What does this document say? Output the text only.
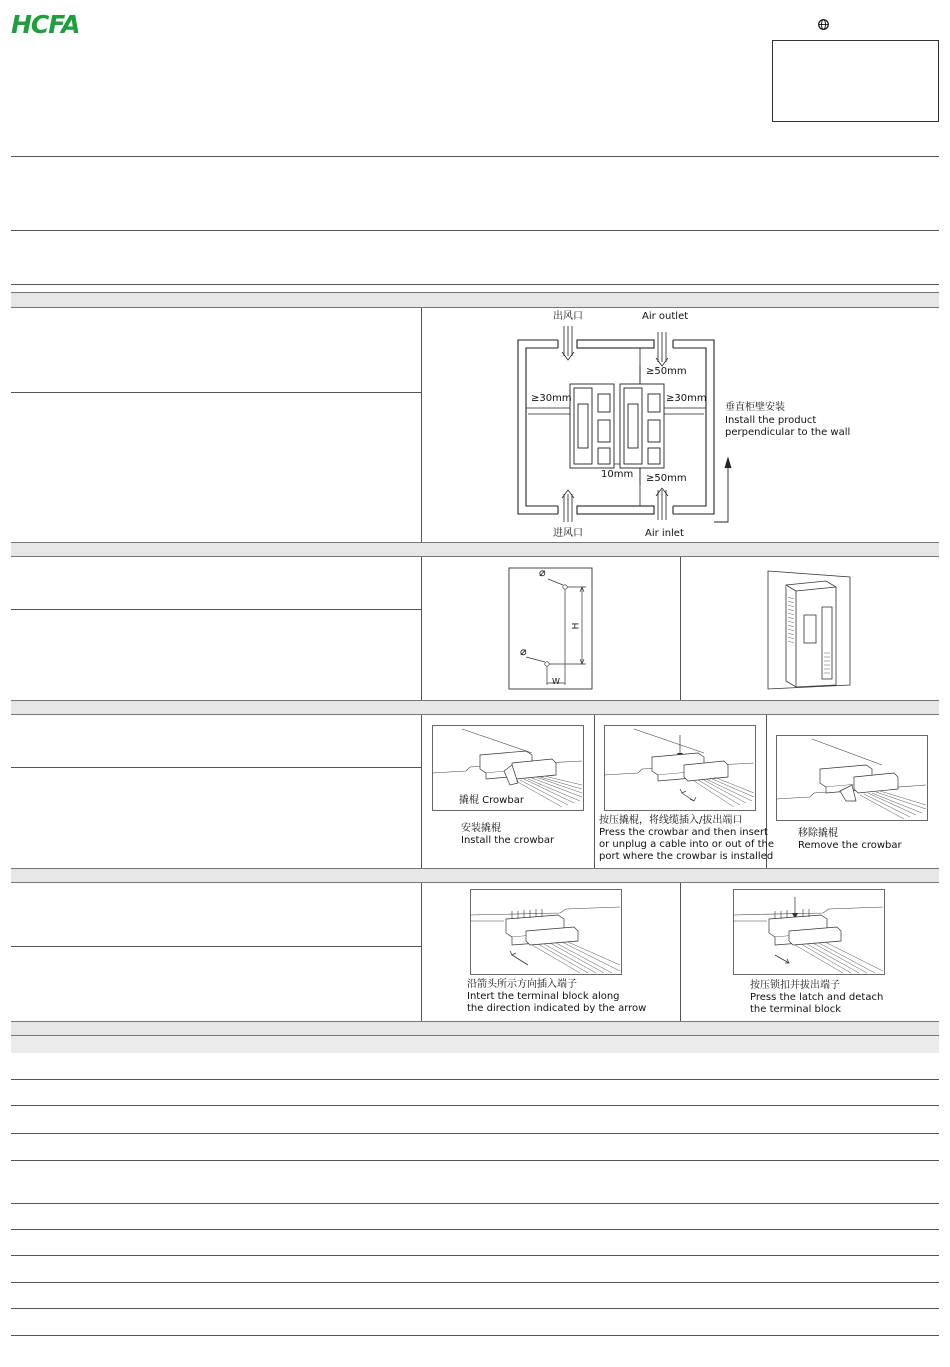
HCFA
出风口	Air outlet
≥50mm
≥30mm	≥30mm
10mm ≥50mm
垂直柜壁安装
Install the product
perpendicular to the wall
进风口	Air inlet
⌀
⌀
H
W
撬棍 Crowbar
安装撬棍
Install the crowbar
按压撬棍，将线缆插入/拔出端口
Press the crowbar and then insert
or unplug a cable into or out of the
port where the crowbar is installed
移除撬棍
Remove the crowbar
沿箭头所示方向插入端子
Intert the terminal block along
the direction indicated by the arrow
按压锁扣并拔出端子
Press the latch and detach
the terminal block
